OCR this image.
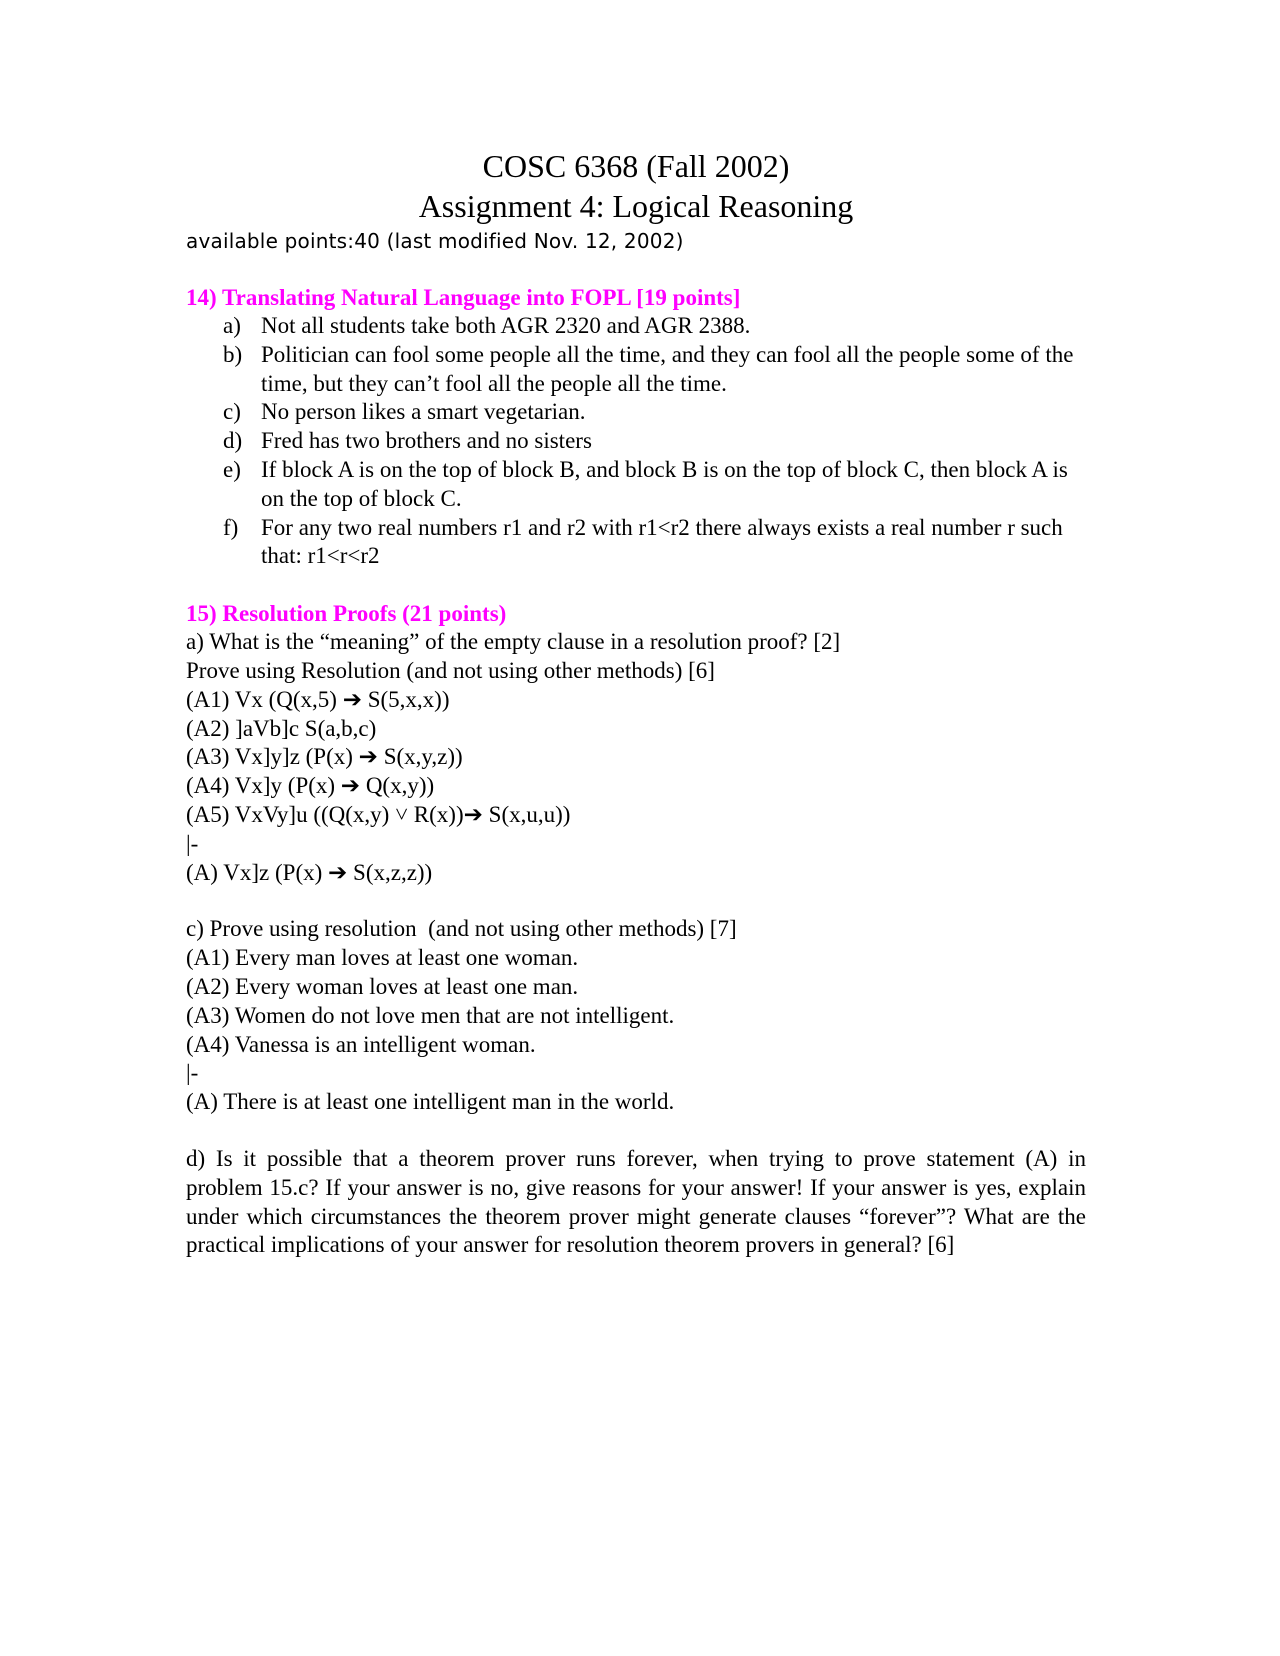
COSC 6368 (Fall 2002)
Assignment 4: Logical Reasoning
available points:40 (last modified Nov. 12, 2002)
14) Translating Natural Language into FOPL [19 points]
a) Not all students take both AGR 2320 and AGR 2388.
b) Politician can fool some people all the time, and they can fool all the people some of the time, but they can’t fool all the people all the time.
c) No person likes a smart vegetarian.
d) Fred has two brothers and no sisters
e) If block A is on the top of block B, and block B is on the top of block C, then block A is on the top of block C.
f) For any two real numbers r1 and r2 with r1<r2 there always exists a real number r such that: r1<r<r2
15) Resolution Proofs (21 points)
a) What is the “meaning” of the empty clause in a resolution proof? [2]
Prove using Resolution (and not using other methods) [6]
(A1) Vx (Q(x,5) ➔ S(5,x,x))
(A2) ]aVb]c S(a,b,c)
(A3) Vx]y]z (P(x) ➔ S(x,y,z))
(A4) Vx]y (P(x) ➔ Q(x,y))
(A5) VxVy]u ((Q(x,y) ˅ R(x))➔ S(x,u,u))
|-
(A) Vx]z (P(x) ➔ S(x,z,z))
c) Prove using resolution  (and not using other methods) [7]
(A1) Every man loves at least one woman.
(A2) Every woman loves at least one man.
(A3) Women do not love men that are not intelligent.
(A4) Vanessa is an intelligent woman.
|-
(A) There is at least one intelligent man in the world.
d) Is it possible that a theorem prover runs forever, when trying to prove statement (A) in problem 15.c? If your answer is no, give reasons for your answer! If your answer is yes, explain under which circumstances the theorem prover might generate clauses “forever”? What are the practical implications of your answer for resolution theorem provers in general? [6]
